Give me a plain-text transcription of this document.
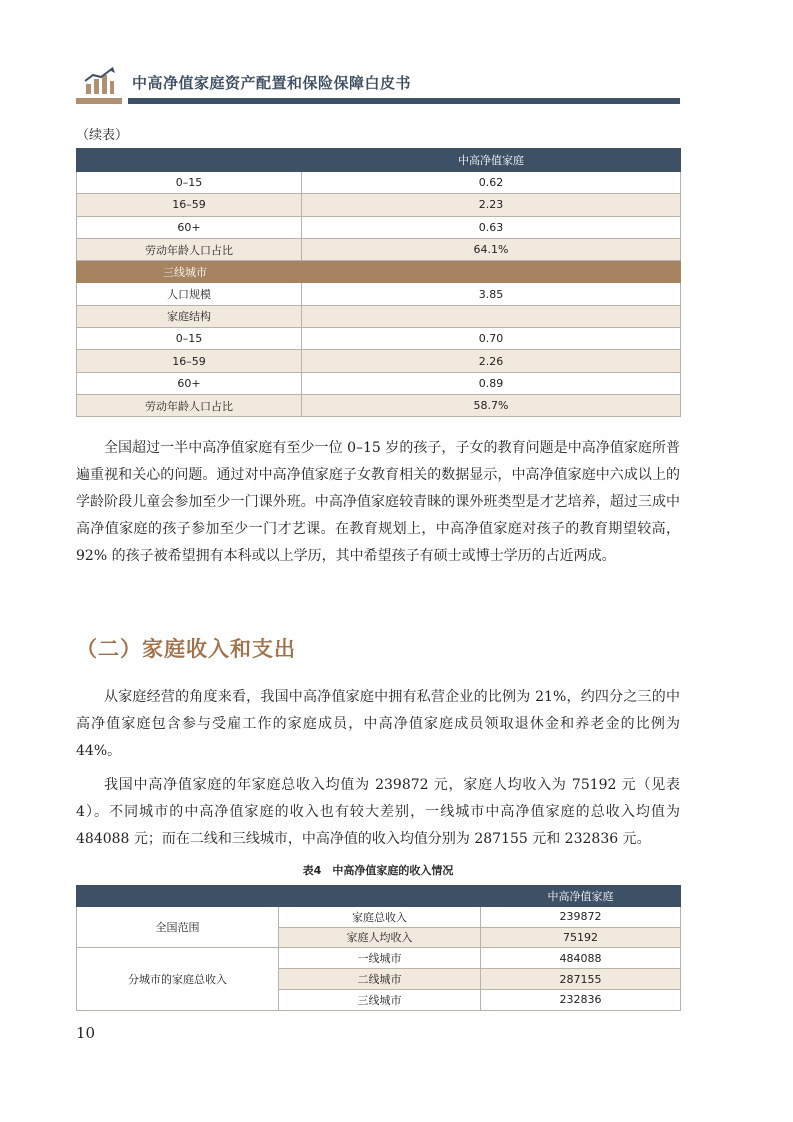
中高净值家庭资产配置和保险保障白皮书
（续表）
	中高净值家庭
0–15	0.62
16–59	2.23
60+	0.63
劳动年龄人口占比	64.1%
三线城市	
人口规模	3.85
家庭结构	
0–15	0.70
16–59	2.26
60+	0.89
劳动年龄人口占比	58.7%

全国超过一半中高净值家庭有至少一位 0–15 岁的孩子，子女的教育问题是中高净值家庭所普遍重视和关心的问题。通过对中高净值家庭子女教育相关的数据显示，中高净值家庭中六成以上的学龄阶段儿童会参加至少一门课外班。中高净值家庭较青睐的课外班类型是才艺培养，超过三成中高净值家庭的孩子参加至少一门才艺课。在教育规划上，中高净值家庭对孩子的教育期望较高，92% 的孩子被希望拥有本科或以上学历，其中希望孩子有硕士或博士学历的占近两成。

（二）家庭收入和支出

从家庭经营的角度来看，我国中高净值家庭中拥有私营企业的比例为 21%，约四分之三的中高净值家庭包含参与受雇工作的家庭成员，中高净值家庭成员领取退休金和养老金的比例为 44%。

我国中高净值家庭的年家庭总收入均值为 239872 元，家庭人均收入为 75192 元（见表 4）。不同城市的中高净值家庭的收入也有较大差别，一线城市中高净值家庭的总收入均值为 484088 元；而在二线和三线城市，中高净值的收入均值分别为 287155 元和 232836 元。

表4　中高净值家庭的收入情况
		中高净值家庭
全国范围	家庭总收入	239872
	家庭人均收入	75192
分城市的家庭总收入	一线城市	484088
	二线城市	287155
	三线城市	232836
10
